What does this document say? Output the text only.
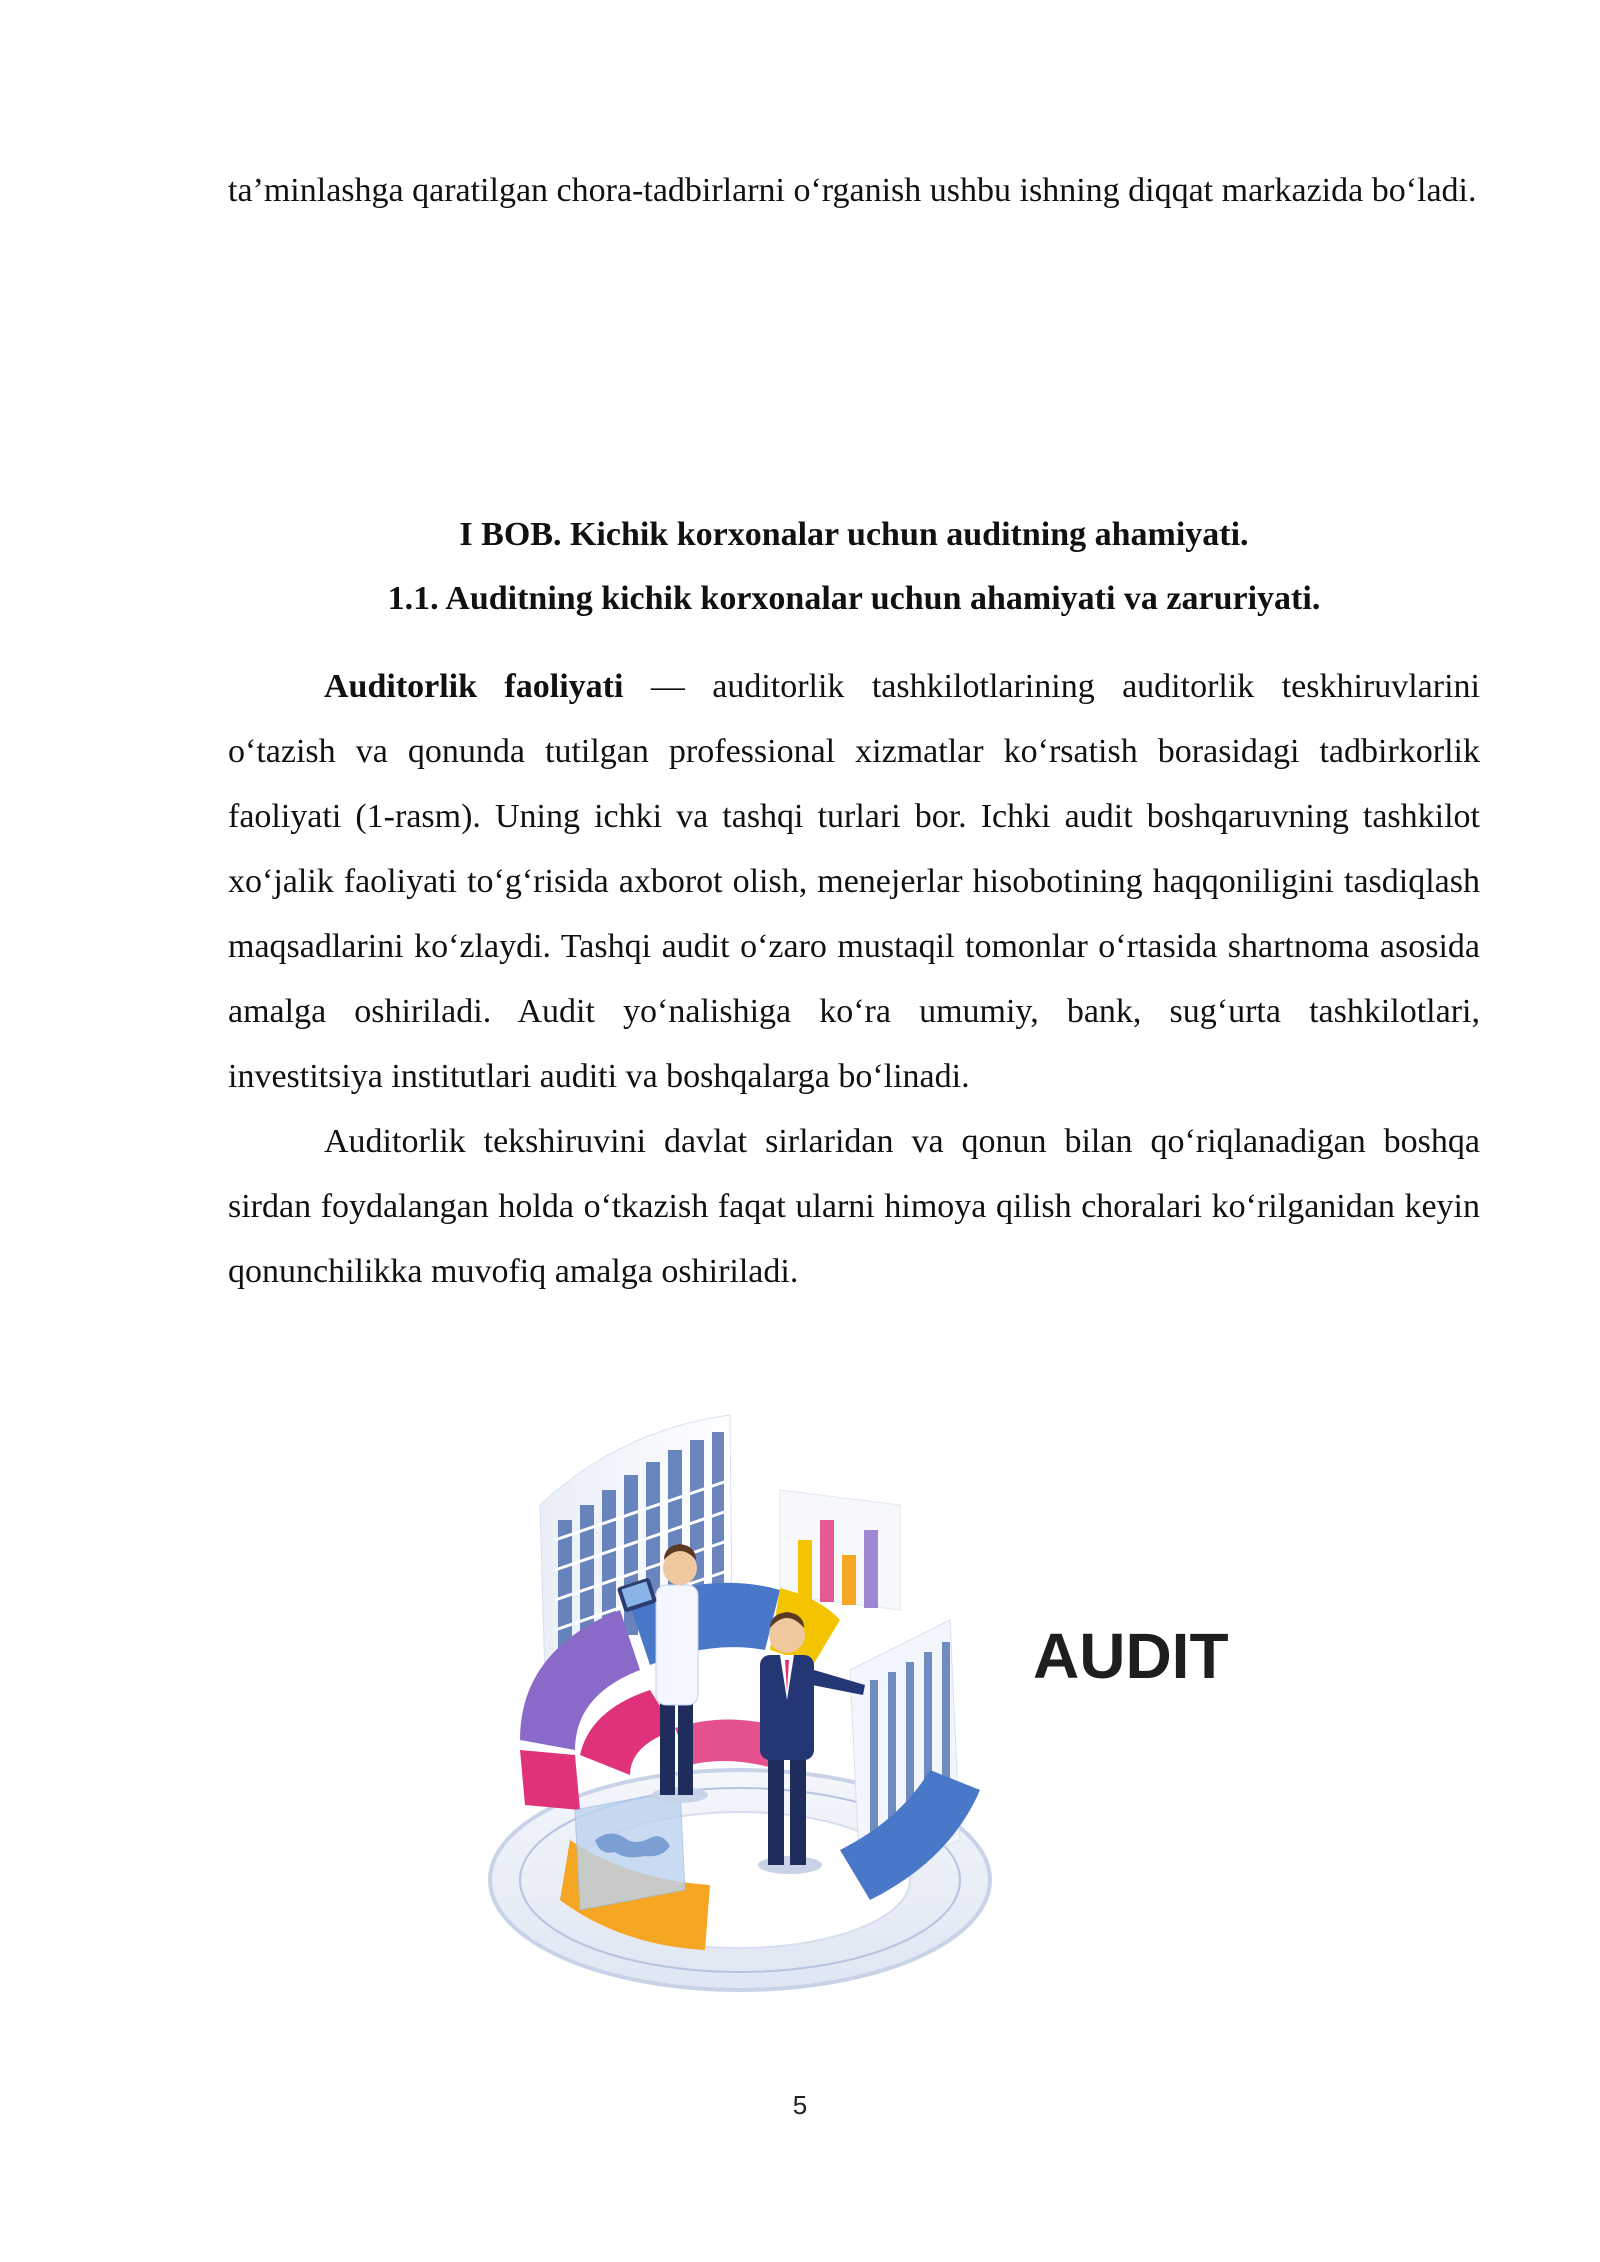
ta’minlashga qaratilgan chora-tadbirlarni o‘rganish ushbu ishning diqqat markazida bo‘ladi.

I BOB. Kichik korxonalar uchun auditning ahamiyati.
1.1. Auditning kichik korxonalar uchun ahamiyati va zaruriyati.

Auditorlik faoliyati — auditorlik tashkilotlarining auditorlik teskhiruvlarini o‘tazish va qonunda tutilgan professional xizmatlar ko‘rsatish borasidagi tadbirkorlik faoliyati (1-rasm). Uning ichki va tashqi turlari bor. Ichki audit boshqaruvning tashkilot xo‘jalik faoliyati to‘g‘risida axborot olish, menejerlar hisobotining haqqoniligini tasdiqlash maqsadlarini ko‘zlaydi. Tashqi audit o‘zaro mustaqil tomonlar o‘rtasida shartnoma asosida amalga oshiriladi. Audit yo‘nalishiga ko‘ra umumiy, bank, sug‘urta tashkilotlari, investitsiya institutlari auditi va boshqalarga bo‘linadi.

Auditorlik tekshiruvini davlat sirlaridan va qonun bilan qo‘riqlanadigan boshqa sirdan foydalangan holda o‘tkazish faqat ularni himoya qilish choralari ko‘rilganidan keyin qonunchilikka muvofiq amalga oshiriladi.

AUDIT
5
